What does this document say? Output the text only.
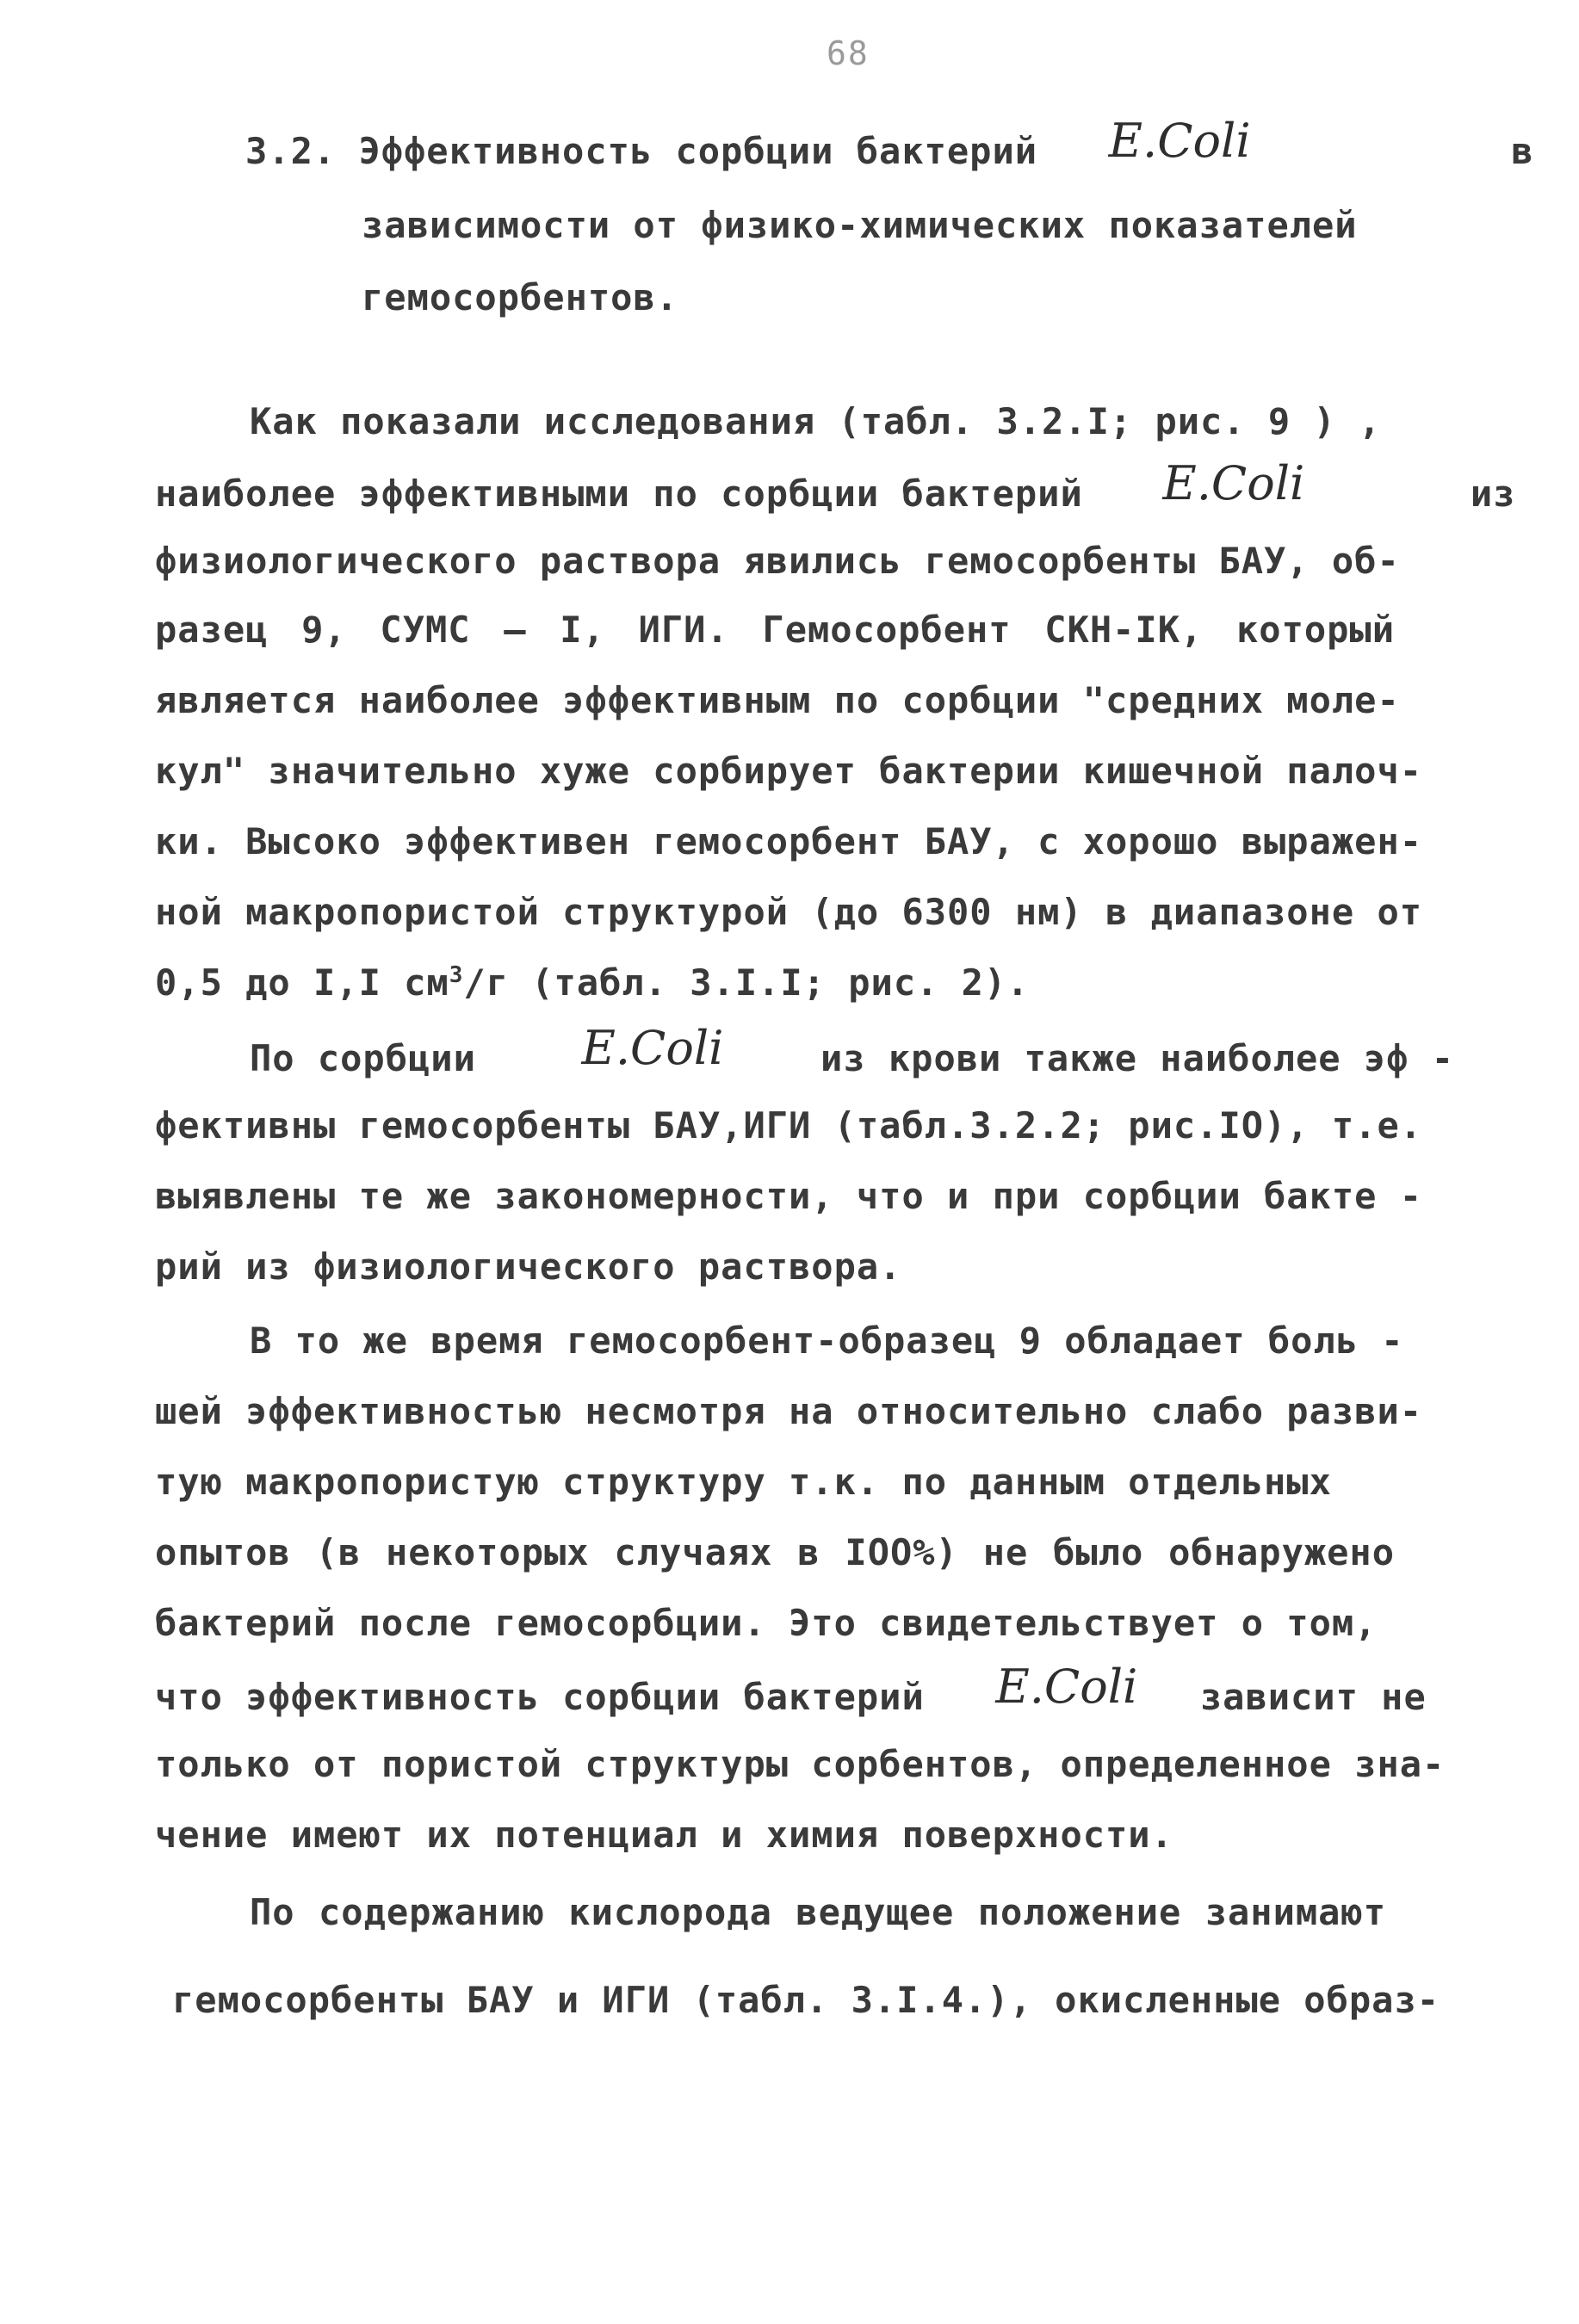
68
3.2. Эффективность сорбции бактерий E.Coli	в
зависимости от физико-химических показателей
гемосорбентов.
Как показали исследования (табл. 3.2.I; рис. 9 ) ,
наиболее эффективными по сорбции бактерий E.Coli	из
физиологического раствора явились гемосорбенты БАУ, об-
разец 9, СУМС – I, ИГИ. Гемосорбент СКН-IК, который
является наиболее эффективным по сорбции "средних моле-
кул" значительно хуже сорбирует бактерии кишечной палоч-
ки. Высоко эффективен гемосорбент БАУ, с хорошо выражен-
ной макропористой структурой (до 6300 нм) в диапазоне от
0,5 до I,I $см^3/г$ (табл. 3.I.I; рис. 2).
По сорбции E.Coli	из крови также наиболее эф -
фективны гемосорбенты БАУ,ИГИ (табл.3.2.2; рис.IO), т.е.
выявлены те же закономерности, что и при сорбции бакте -
рий из физиологического раствора.
В то же время гемосорбент-образец 9 обладает боль -
шей эффективностью несмотря на относительно слабо разви-
тую макропористую структуру т.к. по данным отдельных
опытов (в некоторых случаях в IOO%) не было обнаружено
бактерий после гемосорбции. Это свидетельствует о том,
что эффективность сорбции бактерий E.Coli зависит не
только от пористой структуры сорбентов, определенное зна-
чение имеют их потенциал и химия поверхности.
По содержанию кислорода ведущее положение занимают
гемосорбенты БАУ и ИГИ (табл. 3.I.4.), окисленные образ-
